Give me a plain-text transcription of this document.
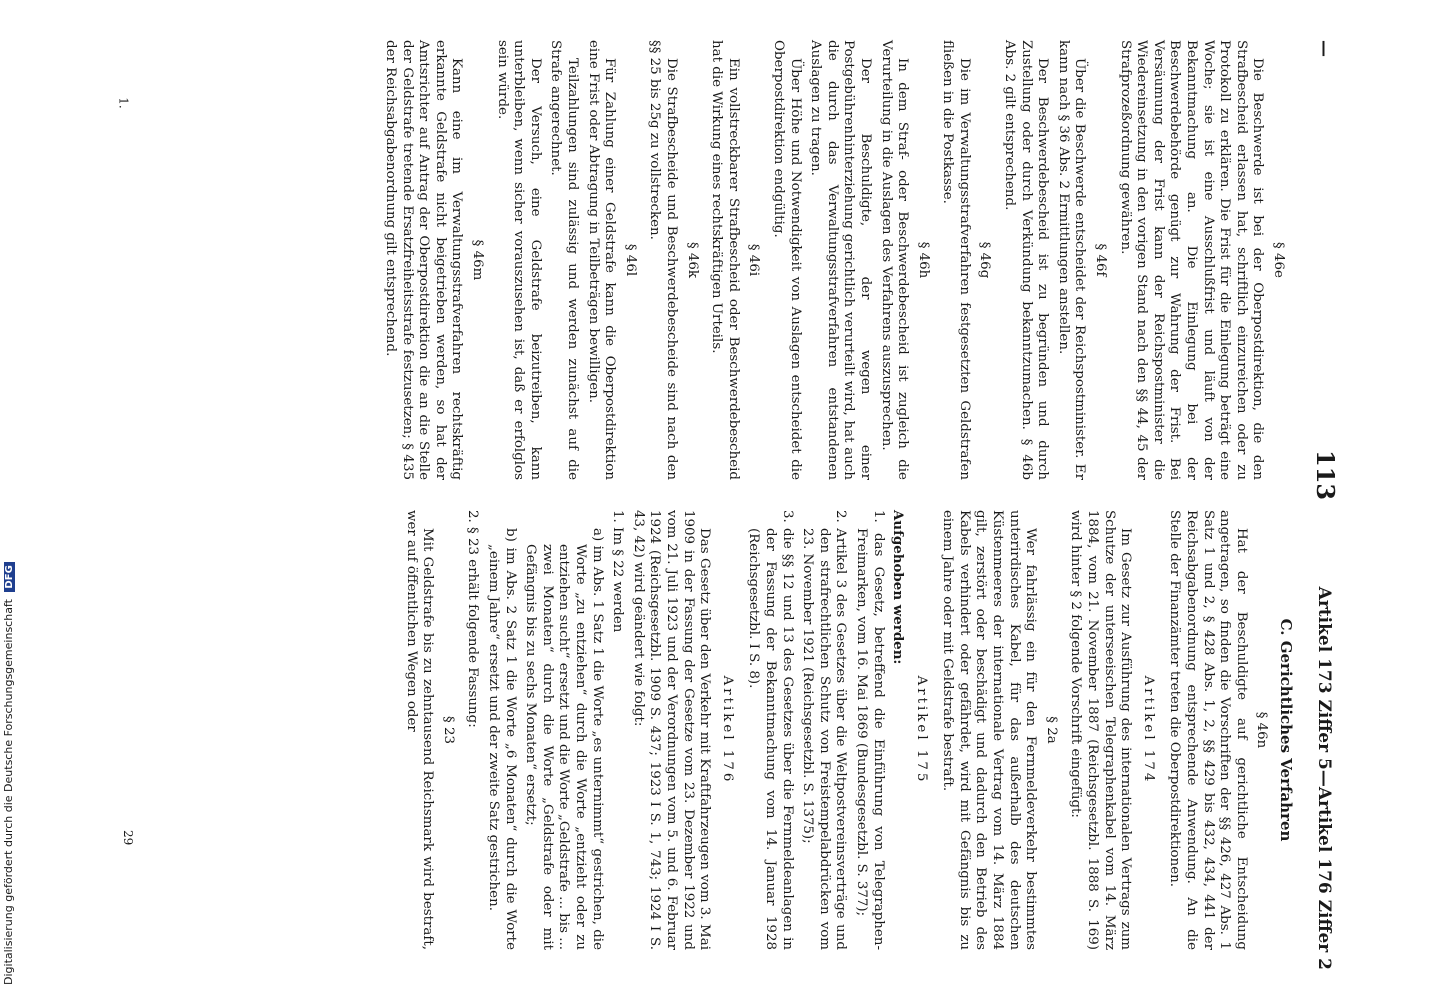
—
113
Artikel 173 Ziffer 5—Artikel 176 Ziffer 2

§ 46e

Die Beschwerde ist bei der Oberpostdirektion, die den Strafbescheid erlassen hat, schriftlich einzureichen oder zu Protokoll zu erklären. Die Frist für die Einlegung beträgt eine Woche; sie ist eine Ausschlußfrist und läuft von der Bekanntmachung an. Die Einlegung bei der Beschwerdebehörde genügt zur Wahrung der Frist. Bei Versäumung der Frist kann der Reichspostminister die Wiedereinsetzung in den vorigen Stand nach den §§ 44, 45 der Strafprozeßordnung gewähren.

§ 46f

Über die Beschwerde entscheidet der Reichspostminister. Er kann nach § 36 Abs. 2 Ermittlungen anstellen.

Der Beschwerdebescheid ist zu begründen und durch Zustellung oder durch Verkündung bekanntzumachen. § 46b Abs. 2 gilt entsprechend.

§ 46g

Die im Verwaltungsstrafverfahren festgesetzten Geldstrafen fließen in die Postkasse.

§ 46h

In dem Straf- oder Beschwerdebescheid ist zugleich die Verurteilung in die Auslagen des Verfahrens auszusprechen.

Der Beschuldigte, der wegen einer Postgebührenhinterziehung gerichtlich verurteilt wird, hat auch die durch das Verwaltungsstrafverfahren entstandenen Auslagen zu tragen.

Über Höhe und Notwendigkeit von Auslagen entscheidet die Oberpostdirektion endgültig.

§ 46i

Ein vollstreckbarer Strafbescheid oder Beschwerdebescheid hat die Wirkung eines rechtskräftigen Urteils.

§ 46k

Die Strafbescheide und Beschwerdebescheide sind nach den §§ 25 bis 25g zu vollstrecken.

§ 46l

Für Zahlung einer Geldstrafe kann die Oberpostdirektion eine Frist oder Abtragung in Teilbeträgen bewilligen.

Teilzahlungen sind zulässig und werden zunächst auf die Strafe angerechnet.

Der Versuch, eine Geldstrafe beizutreiben, kann unterbleiben, wenn sicher vorauszusehen ist, daß er erfolglos sein würde.

§ 46m

Kann eine im Verwaltungsstrafverfahren rechtskräftig erkannte Geldstrafe nicht beigetrieben werden, so hat der Amtsrichter auf Antrag der Oberpostdirektion die an die Stelle der Geldstrafe tretende Ersatzfreiheitsstrafe festzusetzen; § 435 der Reichsabgabenordnung gilt entsprechend.

C. Gerichtliches Verfahren

§ 46n

Hat der Beschuldigte auf gerichtliche Entscheidung angetragen, so finden die Vorschriften der §§ 426, 427 Abs. 1 Satz 1 und 2, § 428 Abs. 1, 2, §§ 429 bis 432, 434, 441 der Reichsabgabenordnung entsprechende Anwendung. An die Stelle der Finanzämter treten die Oberpostdirektionen.

Artikel 174

Im Gesetz zur Ausführung des internationalen Vertrags zum Schutze der unterseeischen Telegraphenkabel vom 14. März 1884, vom 21. November 1887 (Reichsgesetzbl. 1888 S. 169) wird hinter § 2 folgende Vorschrift eingefügt:

§ 2a

Wer fahrlässig ein für den Fernmeldeverkehr bestimmtes unterirdisches Kabel, für das außerhalb des deutschen Küstenmeeres der internationale Vertrag vom 14. März 1884 gilt, zerstört oder beschädigt und dadurch den Betrieb des Kabels verhindert oder gefährdet, wird mit Gefängnis bis zu einem Jahre oder mit Geldstrafe bestraft.

Artikel 175

Aufgehoben werden:

1. das Gesetz, betreffend die Einführung von Telegraphen-Freimarken, vom 16. Mai 1869 (Bundesgesetzbl. S. 377);

2. Artikel 3 des Gesetzes über die Weltpostvereinsverträge und den strafrechtlichen Schutz von Freistempelabdrücken vom 23. November 1921 (Reichsgesetzbl. S. 1375);

3. die §§ 12 und 13 des Gesetzes über die Fernmeldeanlagen in der Fassung der Bekanntmachung vom 14. Januar 1928 (Reichsgesetzbl. I S. 8).

Artikel 176

Das Gesetz über den Verkehr mit Kraftfahrzeugen vom 3. Mai 1909 in der Fassung der Gesetze vom 23. Dezember 1922 und vom 21. Juli 1923 und der Verordnungen vom 5. und 6. Februar 1924 (Reichsgesetzbl. 1909 S. 437; 1923 I S. 1, 743; 1924 I S. 43, 42) wird geändert wie folgt:

1. Im § 22 werden

a) im Abs. 1 Satz 1 die Worte „es unternimmt“ gestrichen, die Worte „zu entziehen“ durch die Worte „entzieht oder zu entziehen sucht“ ersetzt und die Worte „Geldstrafe ... bis ... zwei Monaten“ durch die Worte „Geldstrafe oder mit Gefängnis bis zu sechs Monaten“ ersetzt;

b) im Abs. 2 Satz 1 die Worte „6 Monaten“ durch die Worte „einem Jahre“ ersetzt und der zweite Satz gestrichen.

2. § 23 erhält folgende Fassung:

§ 23

Mit Geldstrafe bis zu zehntausend Reichsmark wird bestraft, wer auf öffentlichen Wegen oder

29
1.
Digitalisierung gefördert durch die Deutsche Forschungsgemeinschaft DFG
